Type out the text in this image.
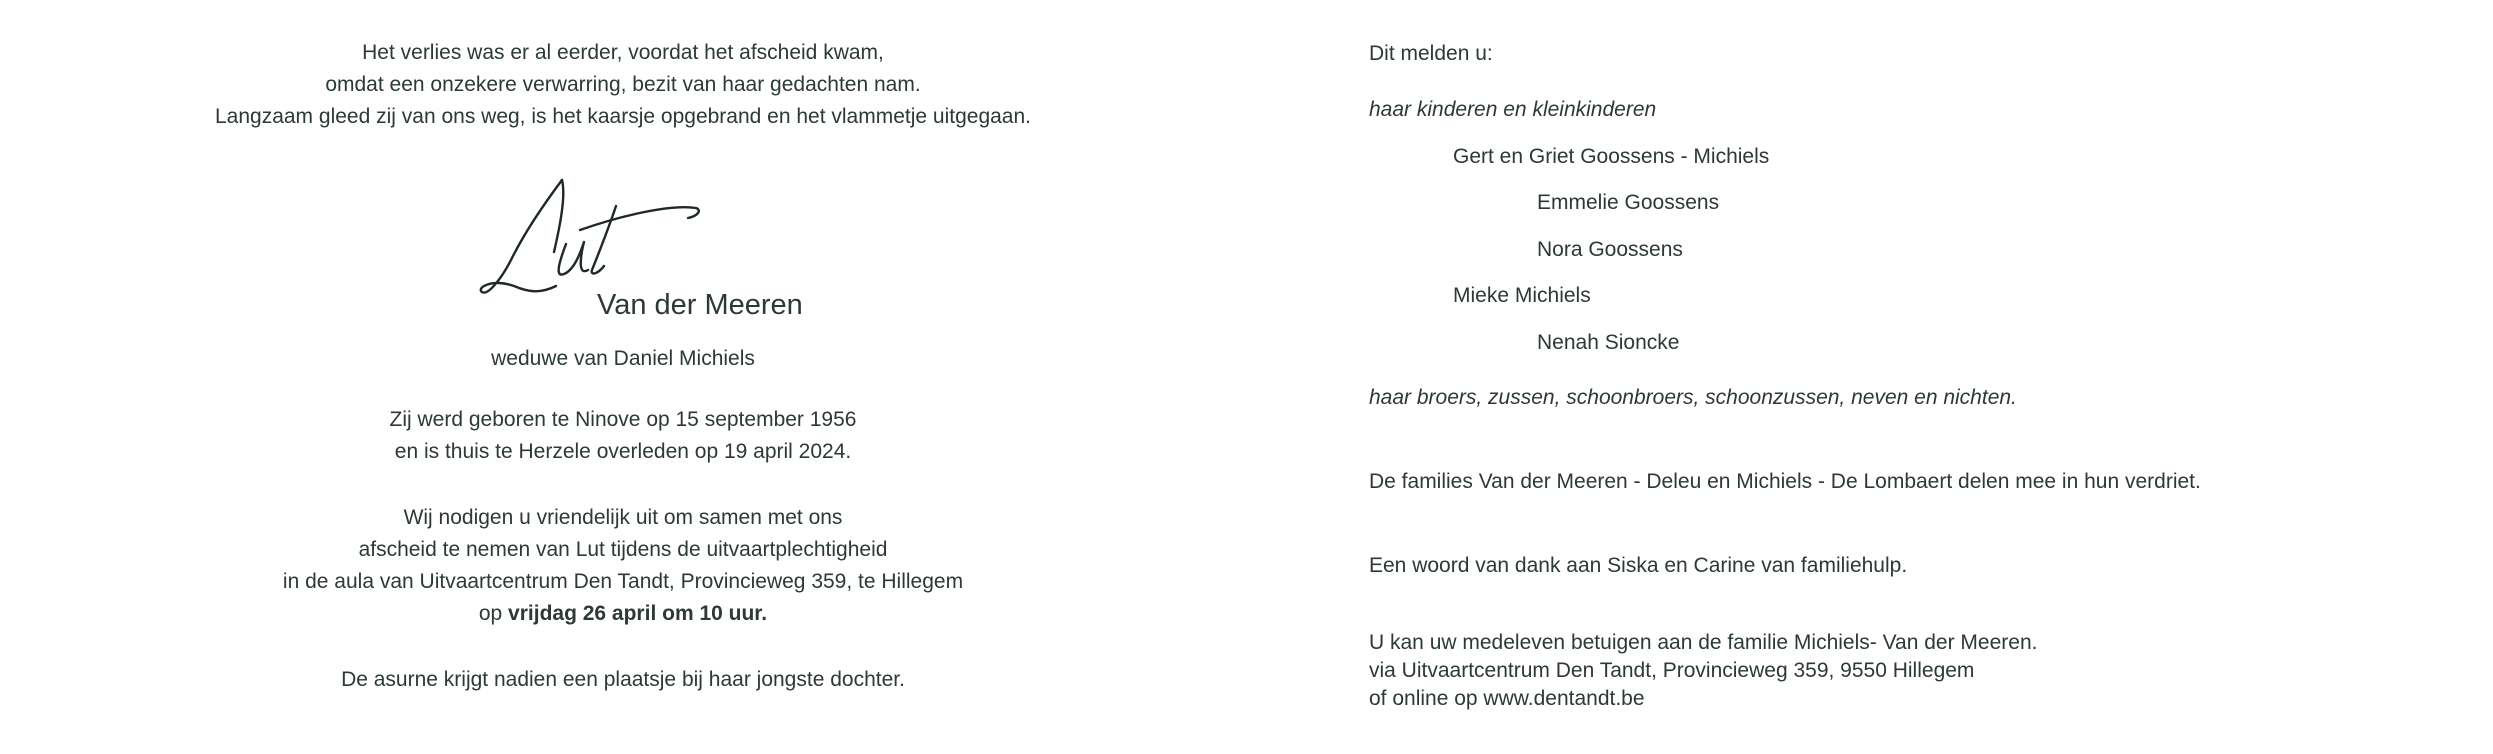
Het verlies was er al eerder, voordat het afscheid kwam,
omdat een onzekere verwarring, bezit van haar gedachten nam.
Langzaam gleed zij van ons weg, is het kaarsje opgebrand en het vlammetje uitgegaan.
Van der Meeren
weduwe van Daniel Michiels
Zij werd geboren te Ninove op 15 september 1956
en is thuis te Herzele overleden op 19 april 2024.
Wij nodigen u vriendelijk uit om samen met ons
afscheid te nemen van Lut tijdens de uitvaartplechtigheid
in de aula van Uitvaartcentrum Den Tandt, Provincieweg 359, te Hillegem
op vrijdag 26 april om 10 uur.
De asurne krijgt nadien een plaatsje bij haar jongste dochter.
Dit melden u:
haar kinderen en kleinkinderen
Gert en Griet Goossens - Michiels
Emmelie Goossens
Nora Goossens
Mieke Michiels
Nenah Sioncke
haar broers, zussen, schoonbroers, schoonzussen, neven en nichten.
De families Van der Meeren - Deleu en Michiels - De Lombaert delen mee in hun verdriet.
Een woord van dank aan Siska en Carine van familiehulp.
U kan uw medeleven betuigen aan de familie Michiels- Van der Meeren.
via Uitvaartcentrum Den Tandt, Provincieweg 359, 9550 Hillegem
of online op www.dentandt.be
